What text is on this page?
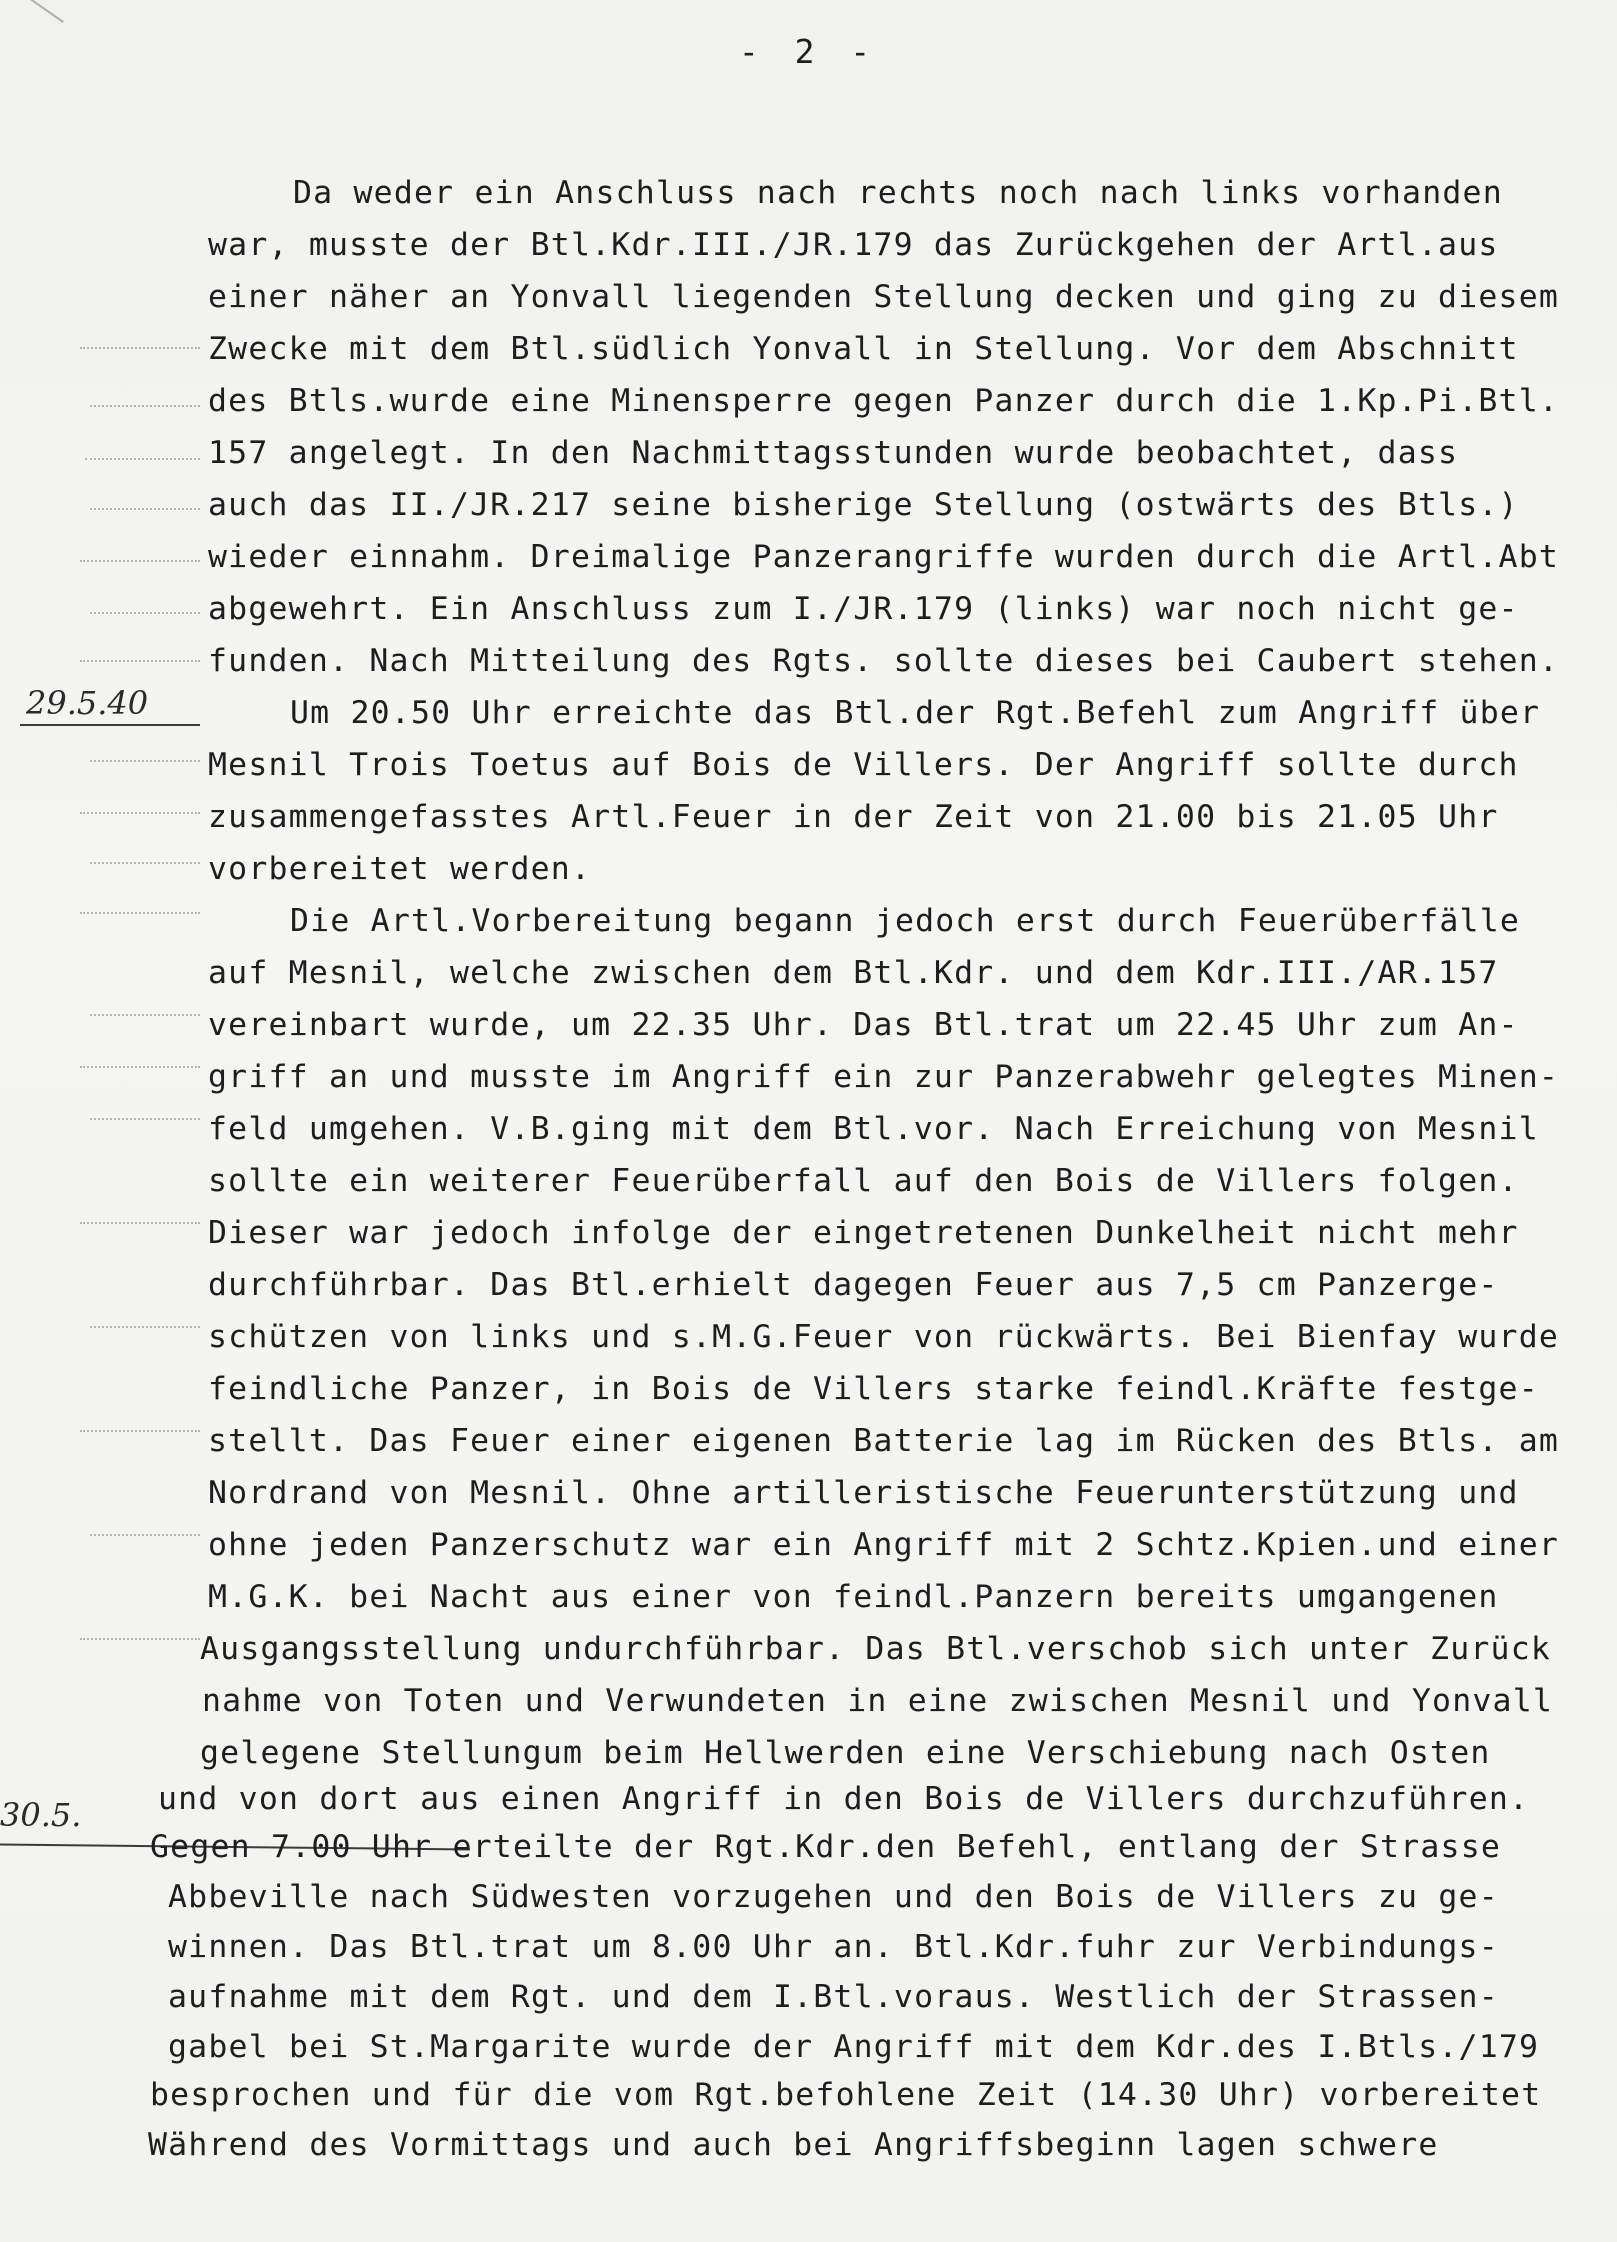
- 2 -
29.5.40
30.5.
Da weder ein Anschluss nach rechts noch nach links vorhanden
war, musste der Btl.Kdr.III./JR.179 das Zurückgehen der Artl.aus
einer näher an Yonvall liegenden Stellung decken und ging zu diesem
Zwecke mit dem Btl.südlich Yonvall in Stellung. Vor dem Abschnitt
des Btls.wurde eine Minensperre gegen Panzer durch die 1.Kp.Pi.Btl.
157 angelegt. In den Nachmittagsstunden wurde beobachtet, dass
auch das II./JR.217 seine bisherige Stellung (ostwärts des Btls.)
wieder einnahm. Dreimalige Panzerangriffe wurden durch die Artl.Abt
abgewehrt. Ein Anschluss zum I./JR.179 (links) war noch nicht ge-
funden. Nach Mitteilung des Rgts. sollte dieses bei Caubert stehen.
Um 20.50 Uhr erreichte das Btl.der Rgt.Befehl zum Angriff über
Mesnil Trois Toetus auf Bois de Villers. Der Angriff sollte durch
zusammengefasstes Artl.Feuer in der Zeit von 21.00 bis 21.05 Uhr
vorbereitet werden.
Die Artl.Vorbereitung begann jedoch erst durch Feuerüberfälle
auf Mesnil, welche zwischen dem Btl.Kdr. und dem Kdr.III./AR.157
vereinbart wurde, um 22.35 Uhr. Das Btl.trat um 22.45 Uhr zum An-
griff an und musste im Angriff ein zur Panzerabwehr gelegtes Minen-
feld umgehen. V.B.ging mit dem Btl.vor. Nach Erreichung von Mesnil
sollte ein weiterer Feuerüberfall auf den Bois de Villers folgen.
Dieser war jedoch infolge der eingetretenen Dunkelheit nicht mehr
durchführbar. Das Btl.erhielt dagegen Feuer aus 7,5 cm Panzerge-
schützen von links und s.M.G.Feuer von rückwärts. Bei Bienfay wurde
feindliche Panzer, in Bois de Villers starke feindl.Kräfte festge-
stellt. Das Feuer einer eigenen Batterie lag im Rücken des Btls. am
Nordrand von Mesnil. Ohne artilleristische Feuerunterstützung und
ohne jeden Panzerschutz war ein Angriff mit 2 Schtz.Kpien.und einer
M.G.K. bei Nacht aus einer von feindl.Panzern bereits umgangenen
Ausgangsstellung undurchführbar. Das Btl.verschob sich unter Zurück
nahme von Toten und Verwundeten in eine zwischen Mesnil und Yonvall
gelegene Stellungum beim Hellwerden eine Verschiebung nach Osten
und von dort aus einen Angriff in den Bois de Villers durchzuführen.
Gegen 7.00 Uhr erteilte der Rgt.Kdr.den Befehl, entlang der Strasse
Abbeville nach Südwesten vorzugehen und den Bois de Villers zu ge-
winnen. Das Btl.trat um 8.00 Uhr an. Btl.Kdr.fuhr zur Verbindungs-
aufnahme mit dem Rgt. und dem I.Btl.voraus. Westlich der Strassen-
gabel bei St.Margarite wurde der Angriff mit dem Kdr.des I.Btls./179
besprochen und für die vom Rgt.befohlene Zeit (14.30 Uhr) vorbereitet
Während des Vormittags und auch bei Angriffsbeginn lagen schwere
